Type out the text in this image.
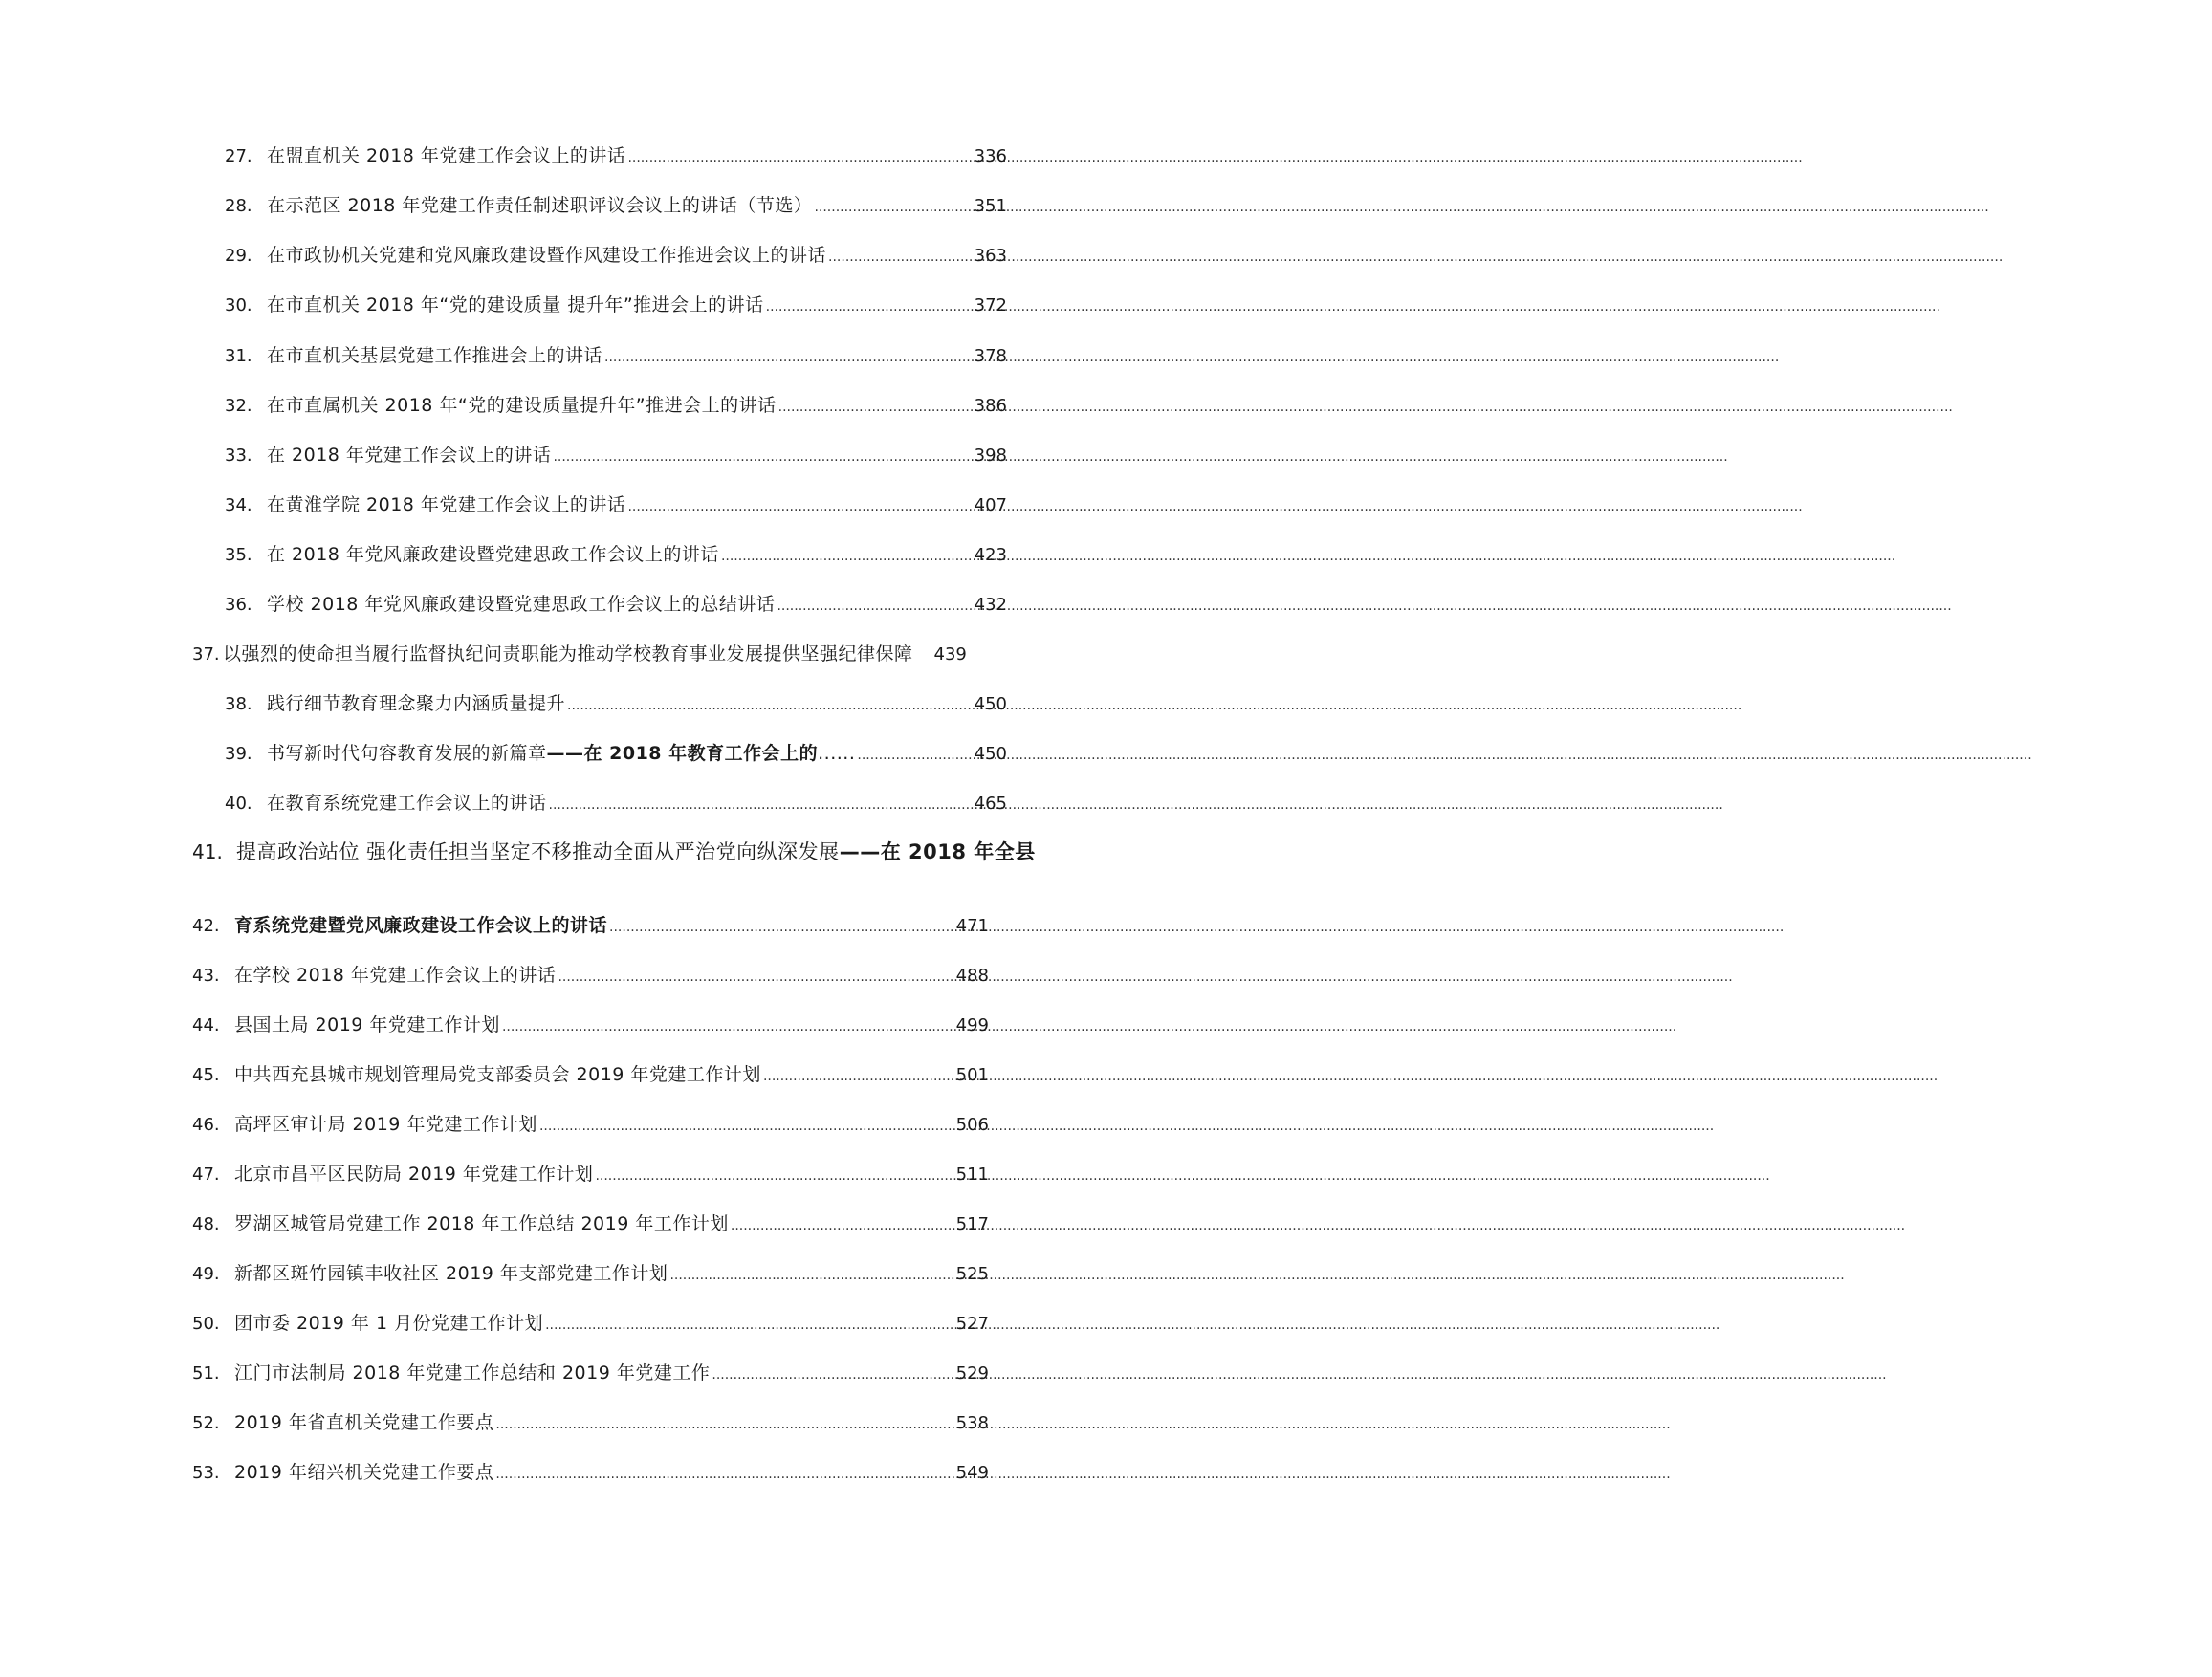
27. 在盟直机关 2018 年党建工作会议上的讲话 .....	336
28. 在示范区 2018 年党建工作责任制述职评议会议上的讲话（节选） .....	351
29. 在市政协机关党建和党风廉政建设暨作风建设工作推进会议上的讲话 .....	363
30. 在市直机关 2018 年“党的建设质量 提升年”推进会上的讲话 .....	372
31. 在市直机关基层党建工作推进会上的讲话 .....	378
32. 在市直属机关 2018 年“党的建设质量提升年”推进会上的讲话 .....	386
33. 在 2018 年党建工作会议上的讲话 .....	398
34. 在黄淮学院 2018 年党建工作会议上的讲话 .....	407
35. 在 2018 年党风廉政建设暨党建思政工作会议上的讲话 .....	423
36. 学校 2018 年党风廉政建设暨党建思政工作会议上的总结讲话 .....	432
37. 以强烈的使命担当履行监督执纪问责职能为推动学校教育事业发展提供坚强纪律保障 439
38. 践行细节教育理念聚力内涵质量提升 .....	450
39. 书写新时代句容教育发展的新篇章——在 2018 年教育工作会上的...... .....	450
40. 在教育系统党建工作会议上的讲话 .....	465
41. 提高政治站位 强化责任担当坚定不移推动全面从严治党向纵深发展——在 2018 年全县
42. 育系统党建暨党风廉政建设工作会议上的讲话 .....	471
43. 在学校 2018 年党建工作会议上的讲话 .....	488
44. 县国土局 2019 年党建工作计划 .....	499
45. 中共西充县城市规划管理局党支部委员会 2019 年党建工作计划 .....	501
46. 高坪区审计局 2019 年党建工作计划 .....	506
47. 北京市昌平区民防局 2019 年党建工作计划 .....	511
48. 罗湖区城管局党建工作 2018 年工作总结 2019 年工作计划 .....	517
49. 新都区斑竹园镇丰收社区 2019 年支部党建工作计划 .....	525
50. 团市委 2019 年 1 月份党建工作计划 .....	527
51. 江门市法制局 2018 年党建工作总结和 2019 年党建工作 .....	529
52. 2019 年省直机关党建工作要点 .....	538
53. 2019 年绍兴机关党建工作要点 .....	549
